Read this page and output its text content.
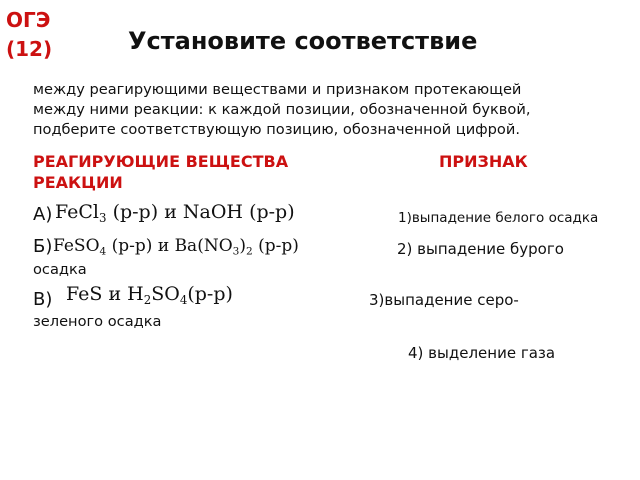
ОГЭ
(12)	Установите соответствие
между реагирующими веществами и признаком протекающей
между ними реакции: к каждой позиции, обозначенной буквой,
подберите соответствующую позицию, обозначенной цифрой.
РЕАГИРУЮЩИЕ ВЕЩЕСТВА	ПРИЗНАК
РЕАКЦИИ
А) FeCl$_3$ (р-р) и NaOH (р-р)	1)выпадение белого осадка
Б) FeSO$_4$ (р-р) и $Ba(NO_3)_2$ (р-р)	2) выпадение бурого
осадка
В) FeS и $H_2SO_4(р-р)$	3)выпадение серо-
зеленого осадка
4) выделение газа
